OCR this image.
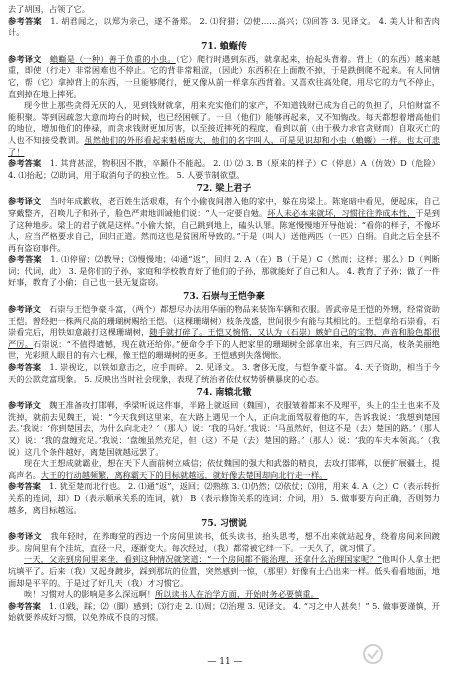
去了胡国，占领了它。

参考答案　 1. 胡君闻之，以郑为亲己，遂不备郑。 2. ⑴狩猎；⑵使……高兴；⑶回答 3. 见译文。 4. 美人计和苦肉计。

71. 蝜蝂传

参考译文　 蝜蝂是（一种）善于负重的小虫。（它）爬行时遇到东西，就拿起来，抬起头背着。背上（的东西）越来越重，即使（行走）非常困难也不停止。它的背非常粗涩，（因此）东西积在上面散不掉，于是跌倒爬不起来。有人同情它，帮（它）拿掉背上的东西，一旦能够爬行，便又像从前一样拿东西背着。又喜欢往高处爬，用尽它的力气不停止，直到掉在地上摔死。

现今世上那些贪得无厌的人，见到钱财就拿，用来充实他们的家产，不知道钱财已成为自己的负担了，只怕财富不能积聚。等到因疏忽大意而垮台的时候，也已经困顿了。一旦（他们）能够再起来，又不知悔改。每天都想着增高他们的地位，增加他们的俸禄，而贪求钱财更加厉害，以至接近摔死的程度，看到以前（由于极力求官贪财而）自取灭亡的人也不知接受教训。虽然他们的外形看起来魁梧庞大，他们的名字叫人，可是见识却和小虫（蝜蝂）一样。也太可悲了！

参考答案　 1. 其背甚涩，物积因不散，卒踬仆不能起。 2. ⑴ ⑵ 3. B（原来的样子）C（停息）A（仿效）D（危险） 4. ⑴抬起；⑵助词，用于取消句子的独立性。 5. 人要节制欲望。

72. 梁上君子

参考译文　 当时年成歉收，老百姓生活艰难，有个小偷夜间潜入他的家中，躲在房梁上。陈寔暗中看见，便起床，自己穿戴整齐，召唤儿子和孙子，脸色严肃地训诫他们说：“人一定要自勉。坏人未必本来就坏，习惯往往养成本性，于是到了这种地步。梁上的君子就是这样。”小偷大惊，自己跳到地上，磕头认罪。陈寔慢慢地开导他说：“看你的样子，不像坏人，应当严格要求自己，回归正道。然而这也是贫困所导致的。”于是（叫人）送他两匹（一匹）白绢。自此之后全县不再有盗窃事件。

参考答案　 1. ⑴停留；⑵教导；⑶慢慢地；⑷通“返”，回归 2. A（在）B（于是）C（然而；这样；那么）D（判断词；代词，此） 3. 是你们的子孙，家庭和学校教育好了他们的子孙，那就能好了自己和人。 4. 教育了子孙；做了一件好事，教育了小偷；自己也一县无复盗窃。

73. 石崇与王恺争豪

参考译文　 石崇与王恺争豪斗富，（两个）都想尽办法用华丽的物品来装饰车辆和衣服。晋武帝是王恺的外甥，经常资助王恺。曾经把一株两尺高的珊瑚树赐给王恺。（这棵珊瑚树）枝条茂盛，世间很少有能与其相比的。王恺拿给石崇看，石崇看完后，用铁如意敲打这棵珊瑚树，随手就打碎了。王恺又惋惜，又认为（石崇）嫉妒自己的宝物，声音和脸色都很严厉。石崇说：“不值得遗憾，现在就还给你。”便命令手下的人把家里的珊瑚树全部拿出来，有三四尺高，枝条美丽绝世，光彩照人眼目的有六七棵，像王恺的珊瑚树的更多。王恺感到失落惆怅。

参考答案　 1. 崇视讫，以铁如意击之，应手而碎。 2. 见译文。 3. 奢侈无度，与恺争豪斗富。 4. 天子资助，相当于今天的公款竞富现象。 5. 反映出当时社会现象，表现了统治者依仗权势骄横暴戾的心态。

74. 南辕北辙

参考译文　 魏王准备攻打邯郸，季梁听说这件事，半路上就返回（魏国），衣服皱着都来不及理平，头上的尘土也来不及洗掉，就前去见魏王，说：“今天我到这里来，在大路上遇见一个人，正向北面驾驭着他的车，告诉我说：‘我想到楚国去。’我说：‘你到楚国去，为什么向北走？’（那人）说：‘我的马好。’我说：‘马虽然好，但这不是（去）楚国的路。’（那人又）说：‘我的盘缠充足。’我说：‘盘缠虽然充足，但（这）不是（去）楚国的路。’（那人）说：‘我的车夫本领高。’（我说）这几个条件越好，离楚国就越远罢了。

现在大王想成就霸业，想在天下人面前树立威信；依仗魏国的强大和武器的精良，去攻打邯郸，以便扩展疆土，提高声名。大王的行动越频繁，离称霸天下的目标就越远，就好像去楚国却向北行走一样。

参考答案　 1. 犹至楚而北行也。 2. ⑴通“返”，返回；⑵熟练 3. ⑴仍然；⑵依仗；⑶用，用来 4. A（之）C（表示转折关系的连词，却）D（表示顺承关系的连词，就） B（表示修饰关系的连词：介词，用） 5. 做事要方向正确，否则努力越多，离目标越远。

75. 习惯说

参考译文　 我年轻时，在养晦堂的西边一个房间里读书，低头读书，抬头思考，想不出来就站起身，绕着房间来回踱步。房间里有个洼坑，直径一尺，逐渐变大。每次经过，（我）都常被它绊一下。一天久了，就习惯了。

一天，父亲到房间里来坐，看到这种情况就笑道：“一个房间都不能治理，还拿什么治理国家呢？”他叫仆人拿土把坑填平了。后来（我）又起身踱步，踩到那坑的位置，突然感到一惊，（那里）好像有土凸出来一样。低头看看地面，地面却是平平的。于是过了好几天（我）才习惯它。

唉！习惯对人的影响是多么深远啊！所以读书人在治学方面，开始时务必要慎重。

参考答案　 1. ⑴践，踩；⑵（脚）感到；⑶行走 2. ⑴周；⑵治理 3. 见译文。 4. “习之中人甚矣！” 5. 做事要谨慎，开始就要养成好习惯，以免养成不良的习惯。

— 11 —
